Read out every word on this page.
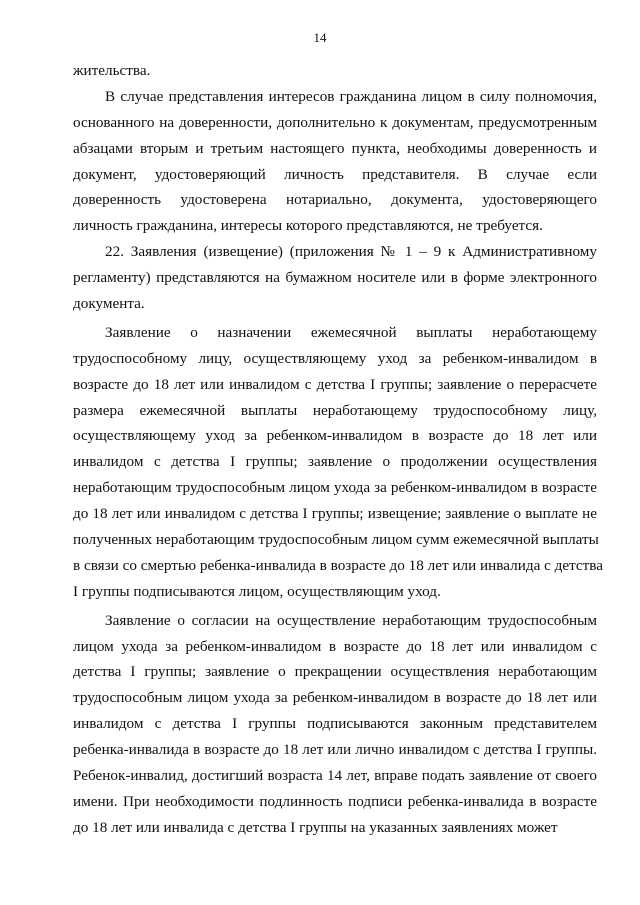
14
жительства.
В случае представления интересов гражданина лицом в силу полномочия,
основанного на доверенности, дополнительно к документам, предусмотренным
абзацами вторым и третьим настоящего пункта, необходимы доверенность и
документ, удостоверяющий личность представителя. В случае если
доверенность удостоверена нотариально, документа, удостоверяющего
личность гражданина, интересы которого представляются, не требуется.
22. Заявления (извещение) (приложения № 1 – 9 к Административному
регламенту) представляются на бумажном носителе или в форме электронного
документа.
Заявление о назначении ежемесячной выплаты неработающему
трудоспособному лицу, осуществляющему уход за ребенком-инвалидом в
возрасте до 18 лет или инвалидом с детства I группы; заявление о перерасчете
размера ежемесячной выплаты неработающему трудоспособному лицу,
осуществляющему уход за ребенком-инвалидом в возрасте до 18 лет или
инвалидом с детства I группы; заявление о продолжении осуществления
неработающим трудоспособным лицом ухода за ребенком-инвалидом в возрасте
до 18 лет или инвалидом с детства I группы; извещение; заявление о выплате не
полученных неработающим трудоспособным лицом сумм ежемесячной выплаты
в связи со смертью ребенка-инвалида в возрасте до 18 лет или инвалида с детства
I группы подписываются лицом, осуществляющим уход.
Заявление о согласии на осуществление неработающим трудоспособным
лицом ухода за ребенком-инвалидом в возрасте до 18 лет или инвалидом с
детства I группы; заявление о прекращении осуществления неработающим
трудоспособным лицом ухода за ребенком-инвалидом в возрасте до 18 лет или
инвалидом с детства I группы подписываются законным представителем
ребенка-инвалида в возрасте до 18 лет или лично инвалидом с детства I группы.
Ребенок-инвалид, достигший возраста 14 лет, вправе подать заявление от своего
имени. При необходимости подлинность подписи ребенка-инвалида в возрасте
до 18 лет или инвалида с детства I группы на указанных заявлениях может
